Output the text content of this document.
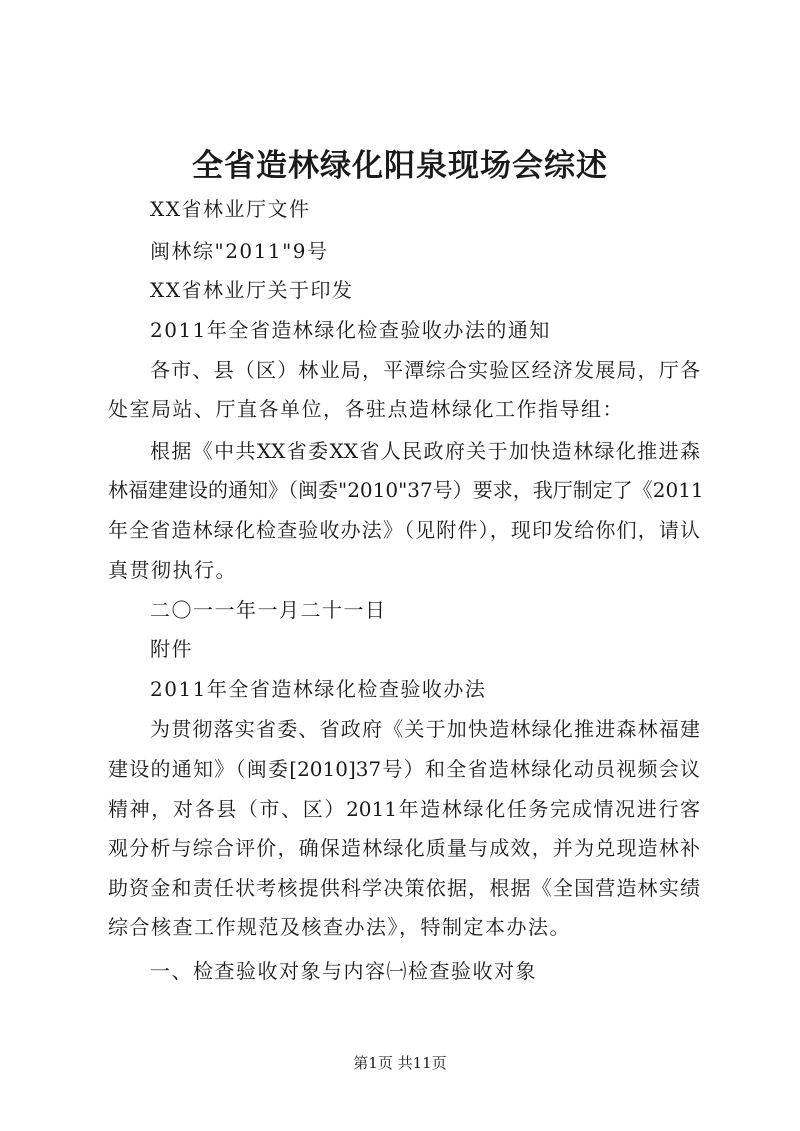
全省造林绿化阳泉现场会综述
XX省林业厅文件
闽林综"2011"9号
XX省林业厅关于印发
2011年全省造林绿化检查验收办法的通知
各市、县（区）林业局，平潭综合实验区经济发展局，厅各
处室局站、厅直各单位，各驻点造林绿化工作指导组：
根据《中共XX省委XX省人民政府关于加快造林绿化推进森
林福建建设的通知》（闽委"2010"37号）要求，我厅制定了《2011
年全省造林绿化检查验收办法》（见附件），现印发给你们，请认
真贯彻执行。
二〇一一年一月二十一日
附件
2011年全省造林绿化检查验收办法
为贯彻落实省委、省政府《关于加快造林绿化推进森林福建
建设的通知》（闽委[2010]37号）和全省造林绿化动员视频会议
精神，对各县（市、区）2011年造林绿化任务完成情况进行客
观分析与综合评价，确保造林绿化质量与成效，并为兑现造林补
助资金和责任状考核提供科学决策依据，根据《全国营造林实绩
综合核查工作规范及核查办法》，特制定本办法。
一、检查验收对象与内容㈠检查验收对象
第1页 共11页
